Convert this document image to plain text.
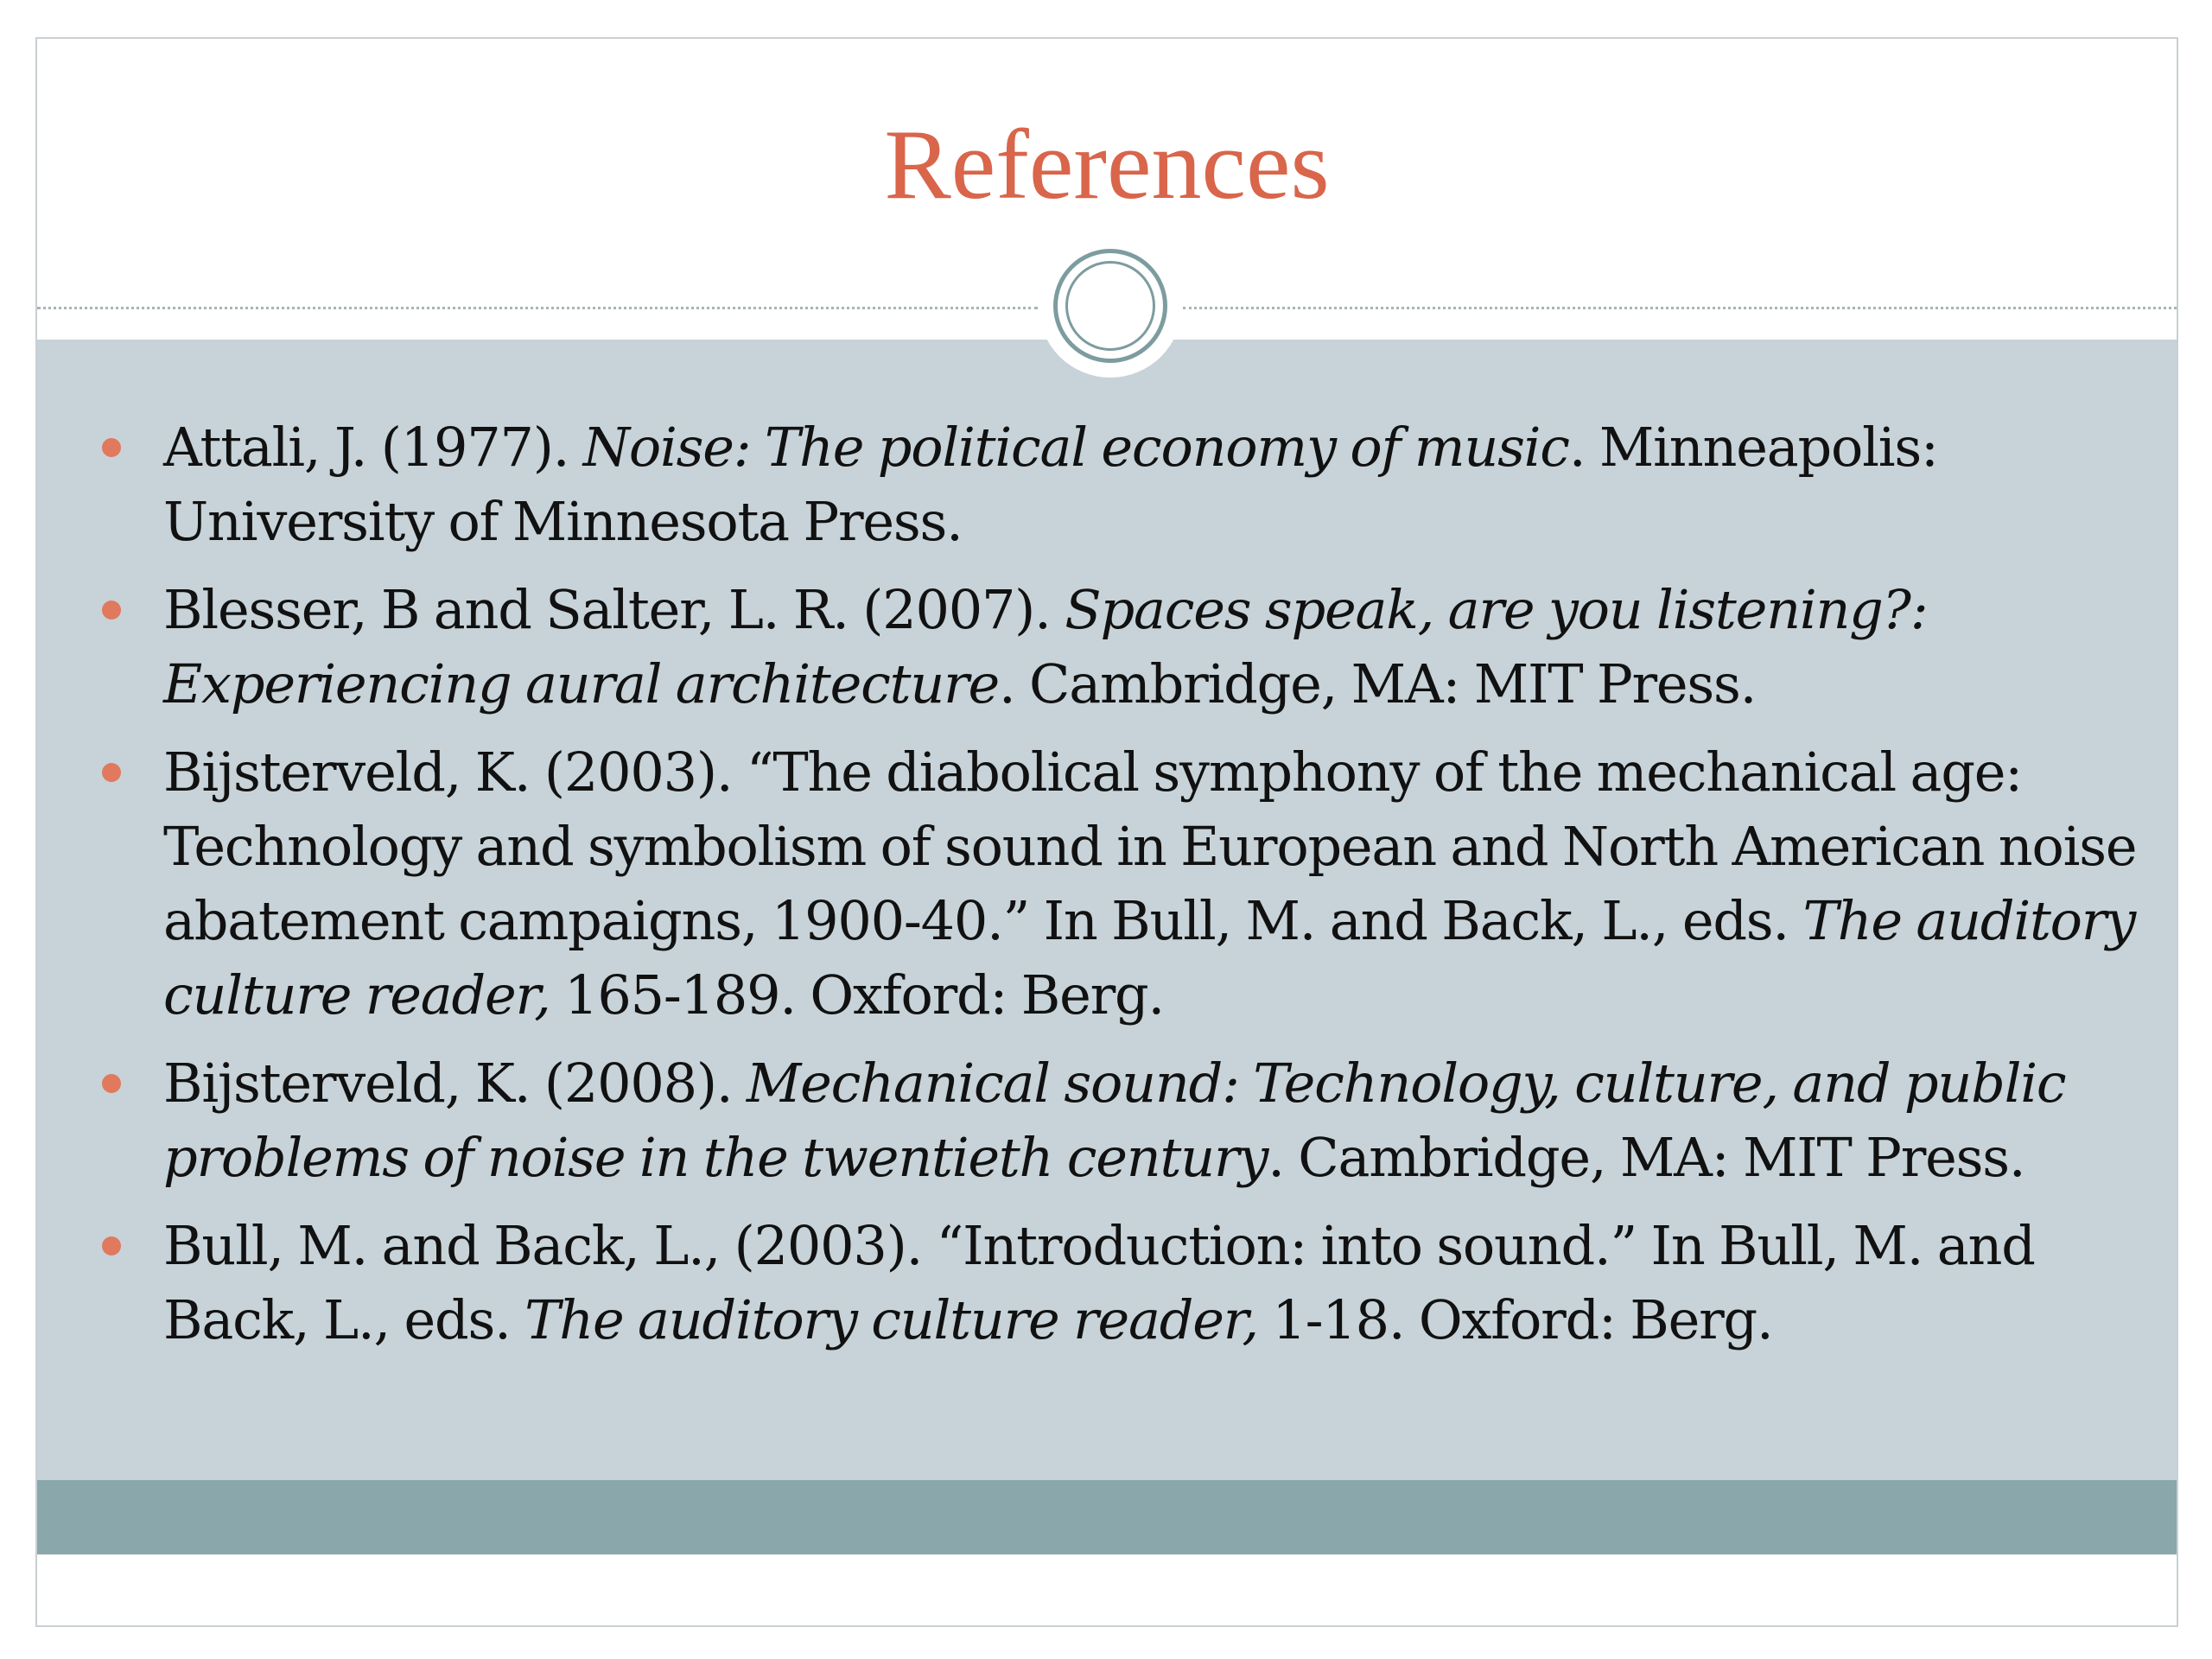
References
Attali, J. (1977). Noise: The political economy of music. Minneapolis: University of Minnesota Press.
Blesser, B and Salter, L. R. (2007). Spaces speak, are you listening?: Experiencing aural architecture. Cambridge, MA: MIT Press.
Bijsterveld, K. (2003). “The diabolical symphony of the mechanical age: Technology and symbolism of sound in European and North American noise abatement campaigns, 1900-40.” In Bull, M. and Back, L., eds. The auditory culture reader, 165-189. Oxford: Berg.
Bijsterveld, K. (2008). Mechanical sound: Technology, culture, and public problems of noise in the twentieth century. Cambridge, MA: MIT Press.
Bull, M. and Back, L., (2003). “Introduction: into sound.” In Bull, M. and Back, L., eds. The auditory culture reader, 1-18. Oxford: Berg.
